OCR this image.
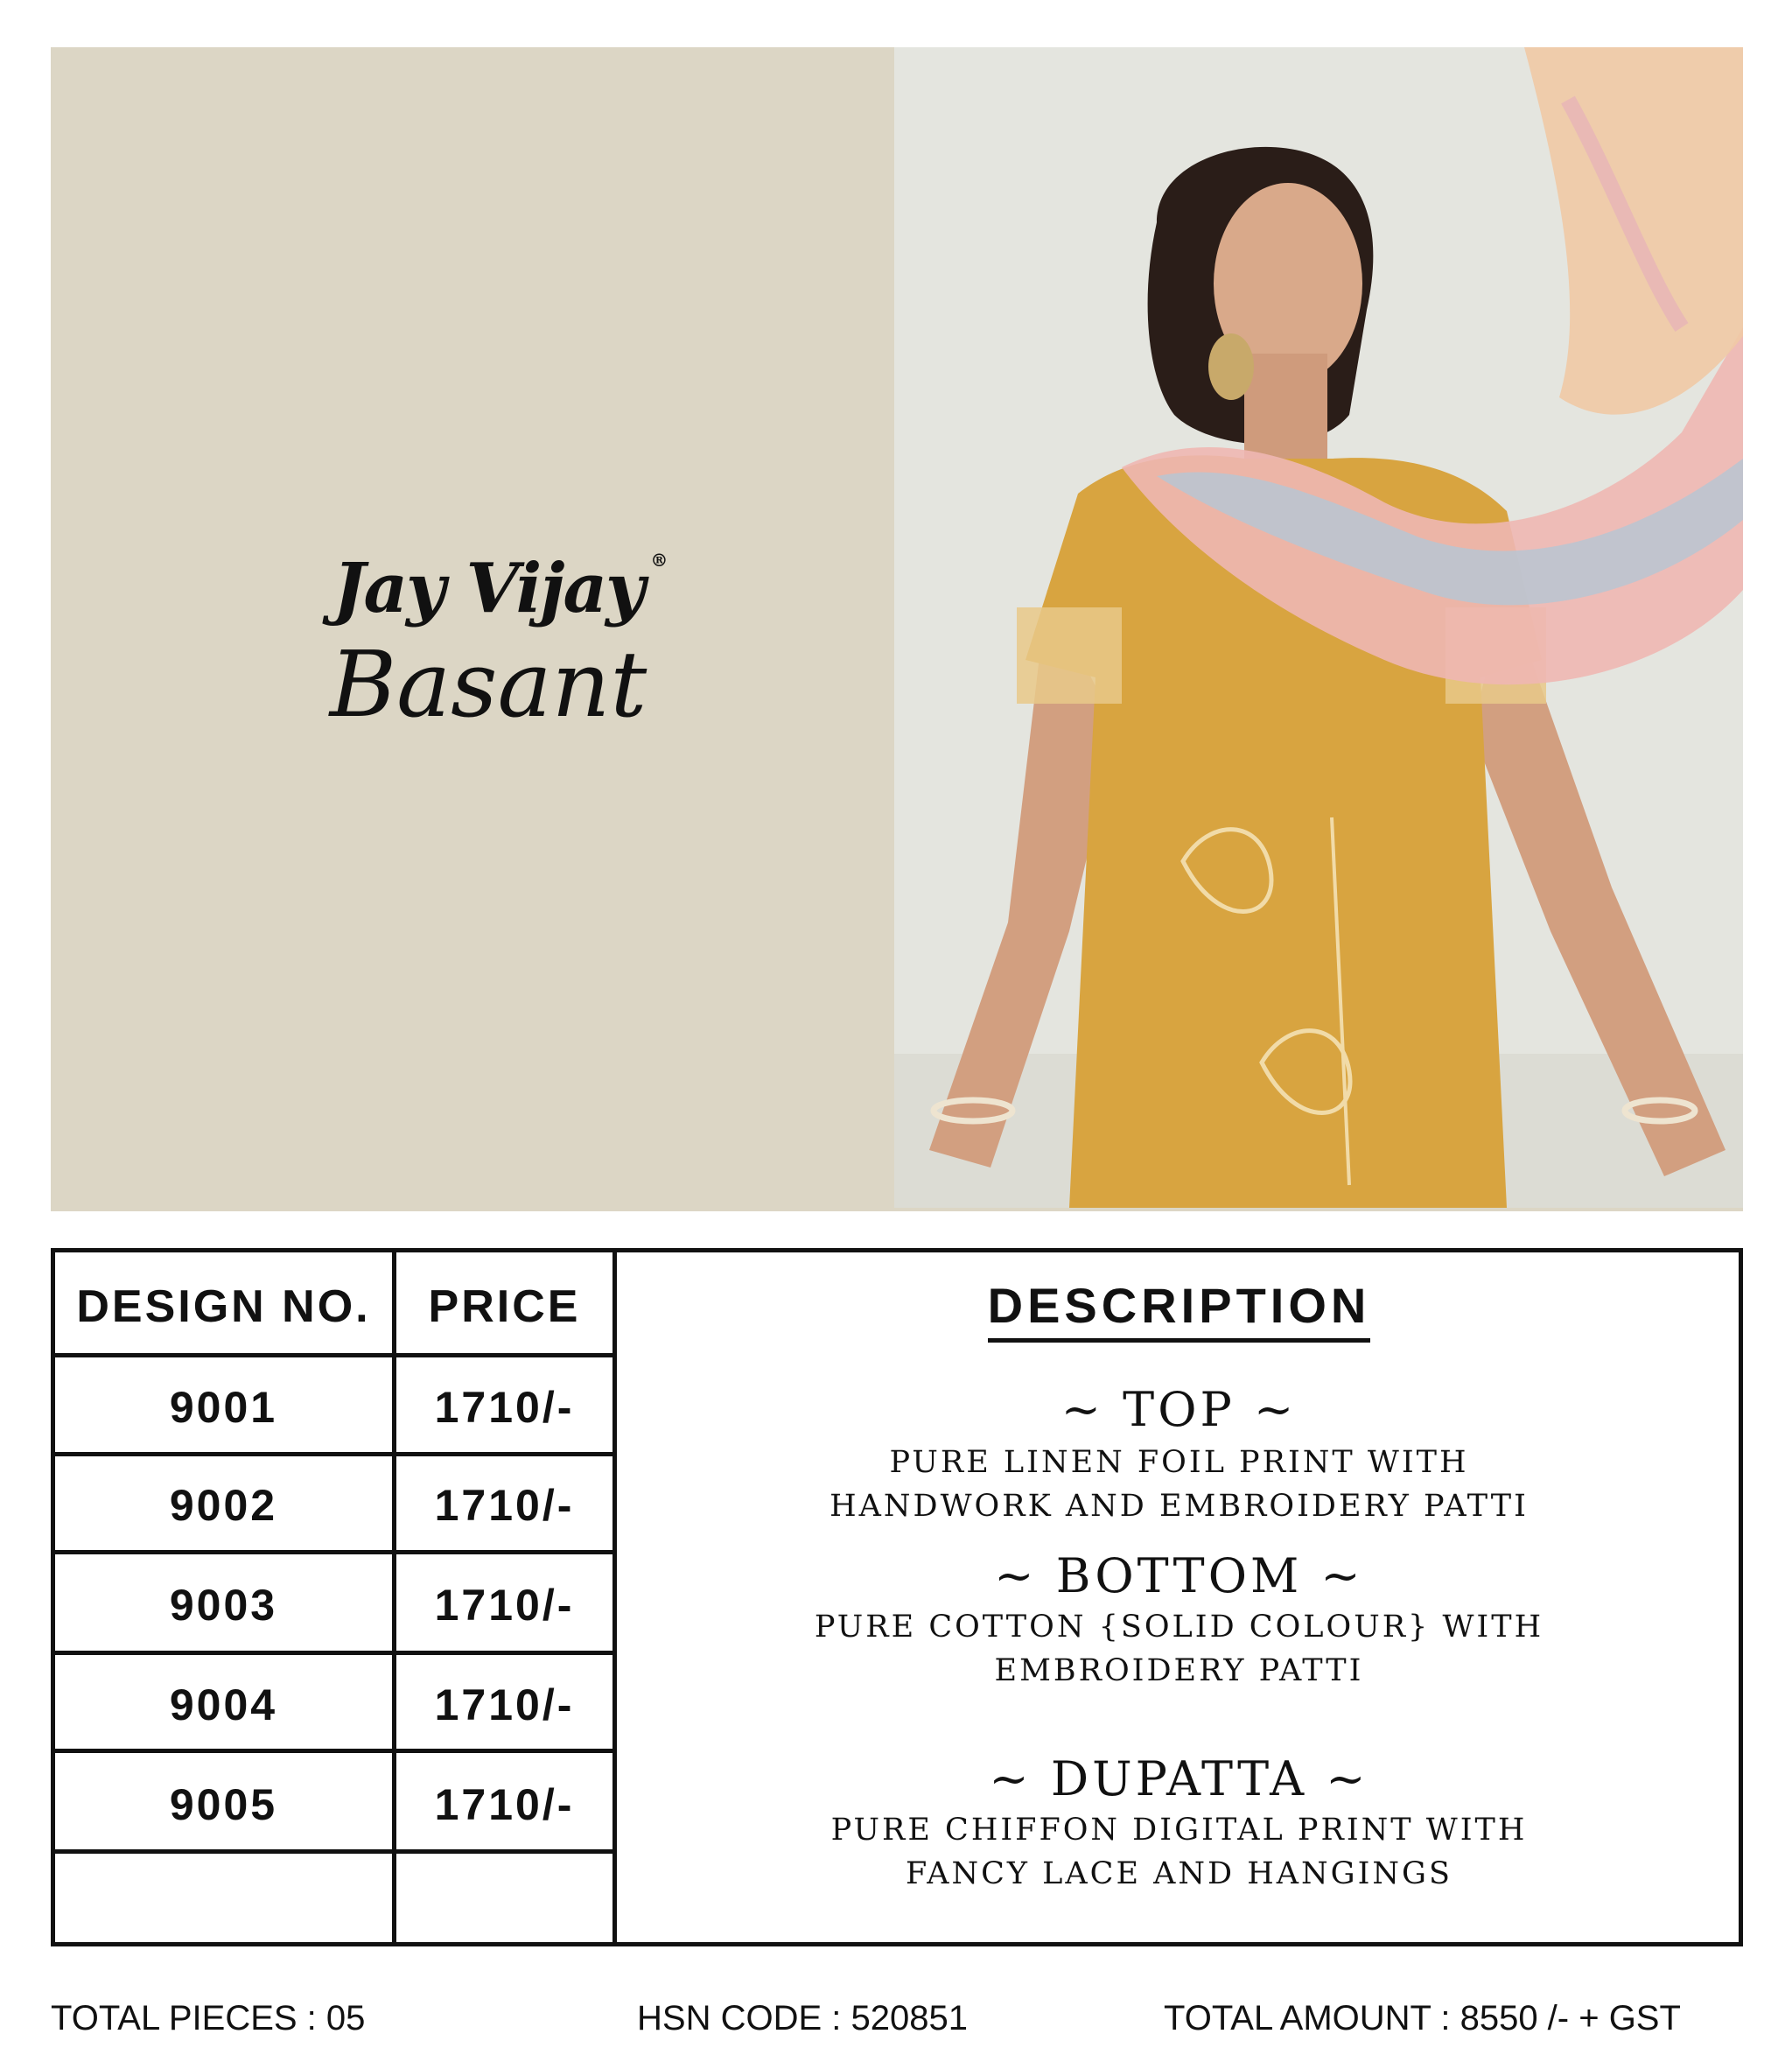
Jay Vijay ®
Basant
DESIGN NO.	PRICE
9001	1710/-
9002	1710/-
9003	1710/-
9004	1710/-
9005	1710/-
DESCRIPTION
~ TOP ~
PURE LINEN FOIL PRINT WITH
HANDWORK AND EMBROIDERY PATTI
~ BOTTOM ~
PURE COTTON {SOLID COLOUR} WITH
EMBROIDERY PATTI
~ DUPATTA ~
PURE CHIFFON DIGITAL PRINT WITH
FANCY LACE AND HANGINGS
TOTAL PIECES : 05	HSN CODE : 520851	TOTAL AMOUNT : 8550 /- + GST
